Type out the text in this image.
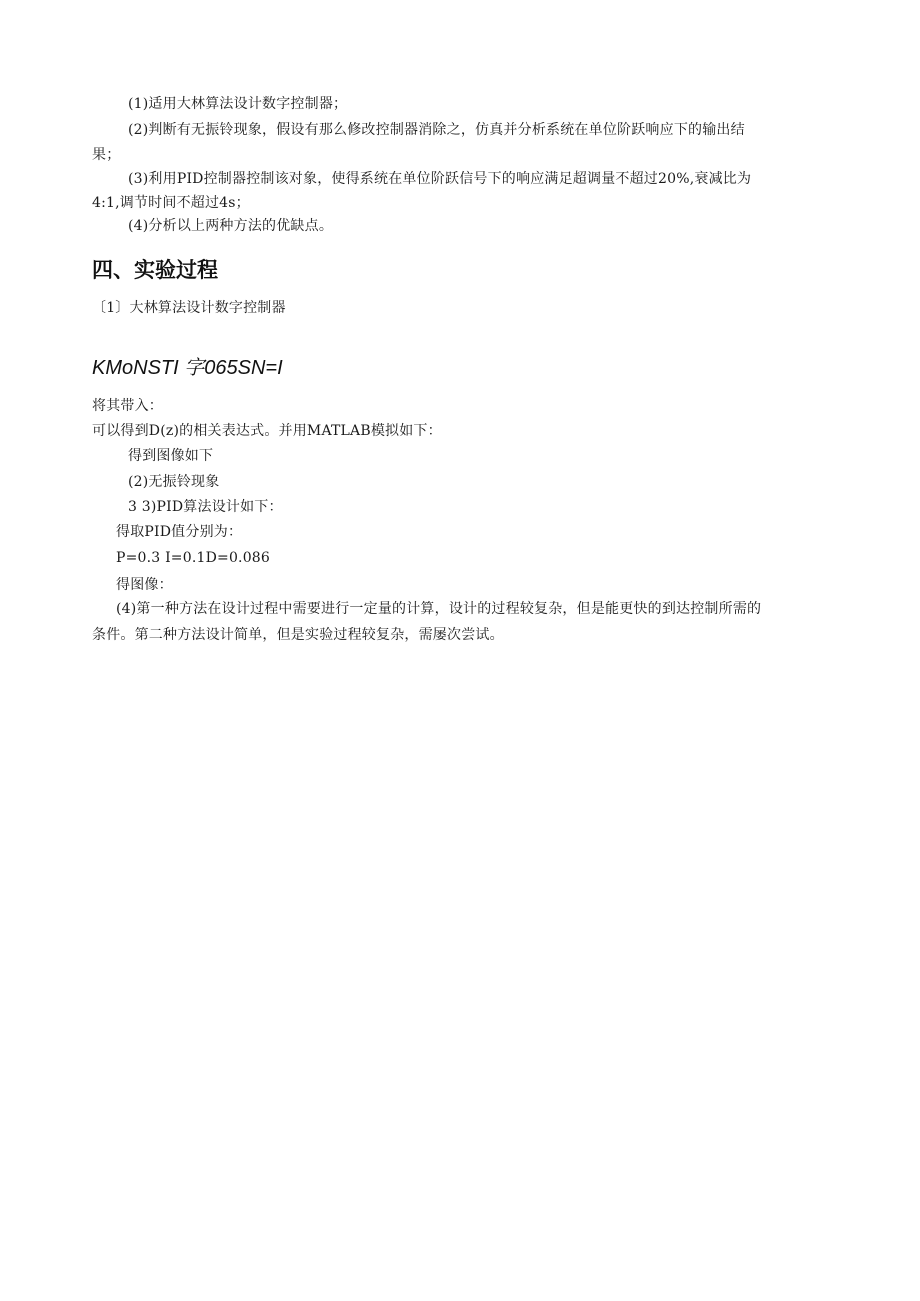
(1)适用大林算法设计数字控制器；
(2)判断有无振铃现象，假设有那么修改控制器消除之，仿真并分析系统在单位阶跃响应下的输出结
果；
(3)利用PID控制器控制该对象，使得系统在单位阶跃信号下的响应满足超调量不超过20%,衰减比为
4:1,调节时间不超过4s；
(4)分析以上两种方法的优缺点。
四、实验过程
〔1〕大林算法设计数字控制器
KMoNSTI 字065SN=I
将其带入：
可以得到D(z)的相关表达式。并用MATLAB模拟如下：
得到图像如下
(2)无振铃现象
3 3)PID算法设计如下：
得取PID值分别为：
P=0.3 I=0.1D=0.086
得图像：
(4)第一种方法在设计过程中需要进行一定量的计算，设计的过程较复杂，但是能更快的到达控制所需的
条件。第二种方法设计简单，但是实验过程较复杂，需屡次尝试。
